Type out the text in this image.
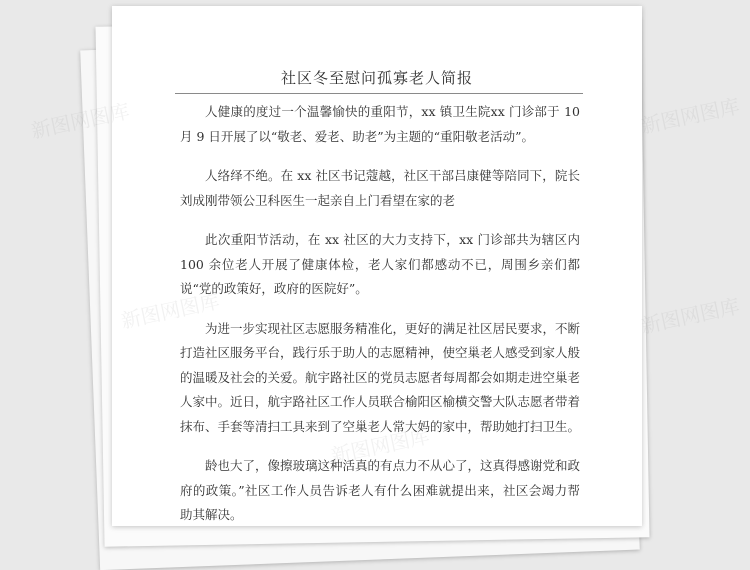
社区冬至慰问孤寡老人简报

人健康的度过一个温馨愉快的重阳节，xx 镇卫生院xx 门诊部于 10 月 9 日开展了以“敬老、爱老、助老”为主题的“重阳敬老活动”。

人络绎不绝。在 xx 社区书记蔻越，社区干部吕康健等陪同下，院长刘成刚带领公卫科医生一起亲自上门看望在家的老

此次重阳节活动，在 xx 社区的大力支持下，xx 门诊部共为辖区内 100 余位老人开展了健康体检，老人家们都感动不已，周围乡亲们都说“党的政策好，政府的医院好”。

为进一步实现社区志愿服务精准化，更好的满足社区居民要求，不断打造社区服务平台，践行乐于助人的志愿精神，使空巢老人感受到家人般的温暖及社会的关爱。航宇路社区的党员志愿者每周都会如期走进空巢老人家中。近日，航宇路社区工作人员联合榆阳区榆横交警大队志愿者带着抹布、手套等清扫工具来到了空巢老人常大妈的家中，帮助她打扫卫生。

龄也大了，像擦玻璃这种活真的有点力不从心了，这真得感谢党和政府的政策。”社区工作人员告诉老人有什么困难就提出来，社区会竭力帮助其解决。

新图网图库	新图网图库
新图网图库
